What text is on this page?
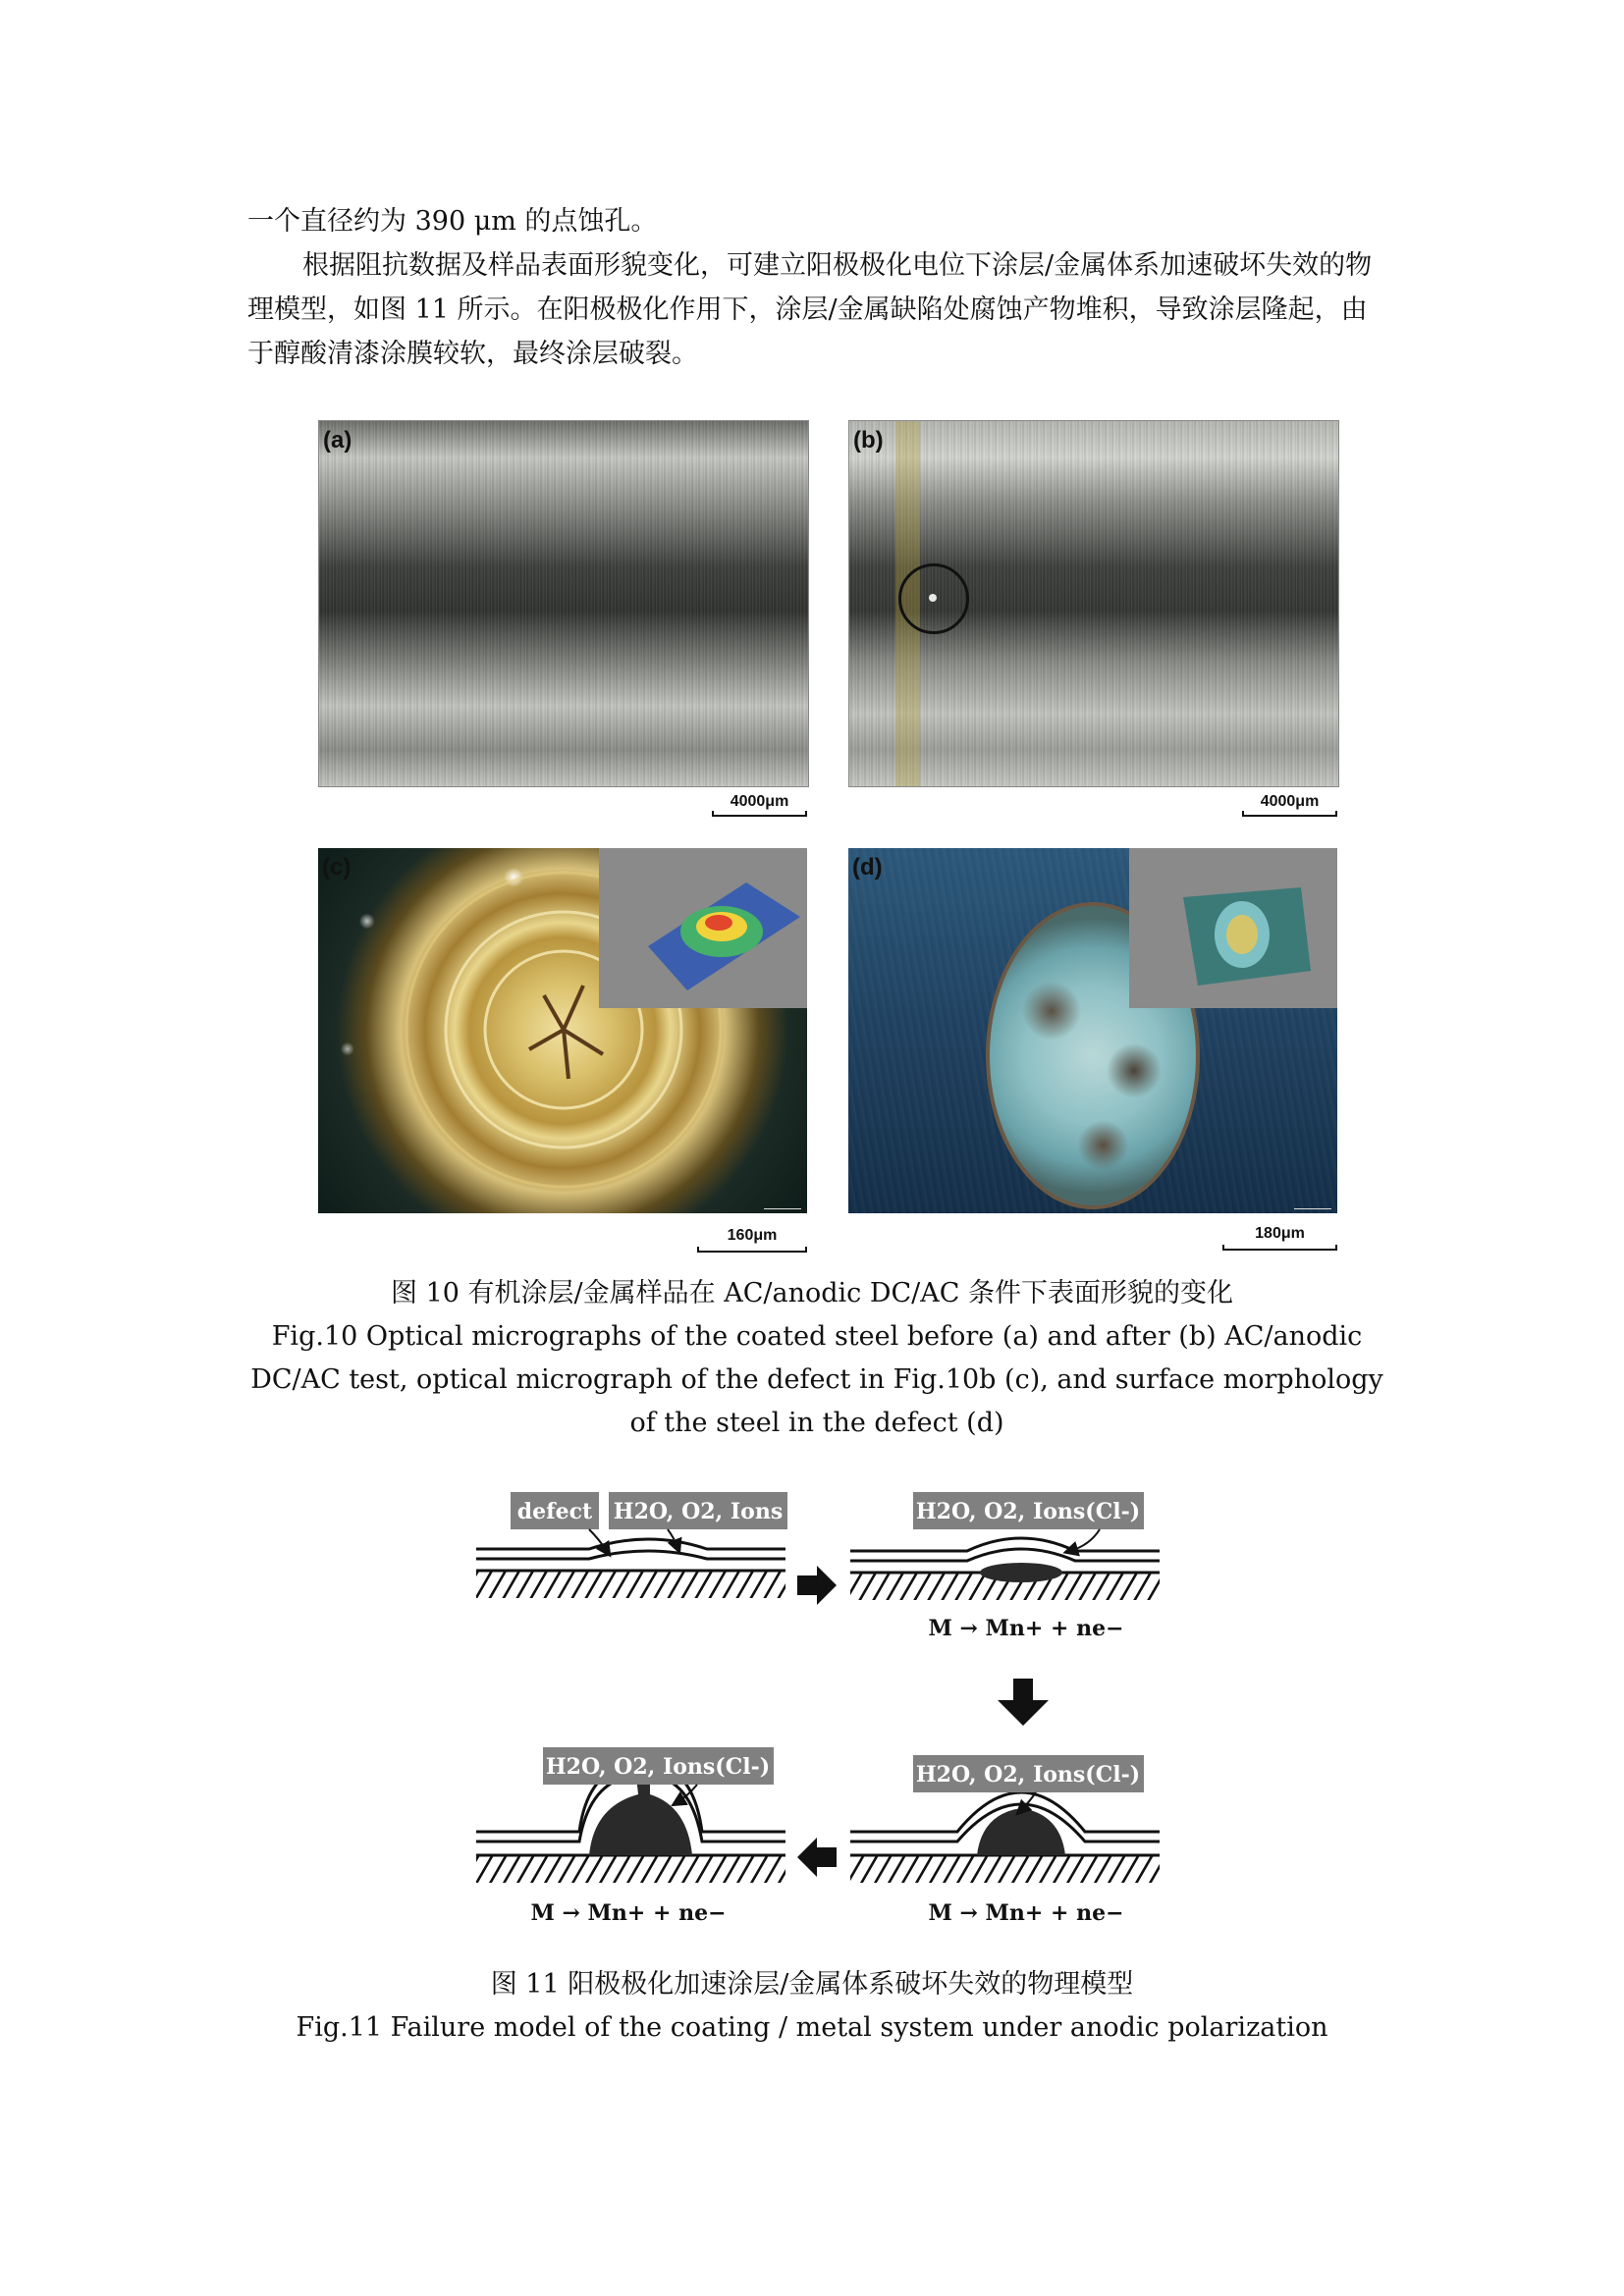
一个直径约为 390 μm 的点蚀孔。

根据阻抗数据及样品表面形貌变化，可建立阳极极化电位下涂层/金属体系加速破坏失效的物理模型，如图 11 所示。在阳极极化作用下，涂层/金属缺陷处腐蚀产物堆积，导致涂层隆起，由于醇酸清漆涂膜较软，最终涂层破裂。

(a)
4000μm
(b)
4000μm
(c)
160μm
(d)
180μm

图 10 有机涂层/金属样品在 AC/anodic DC/AC 条件下表面形貌的变化

Fig.10 Optical micrographs of the coated steel before (a) and after (b) AC/anodic DC/AC test, optical micrograph of the defect in Fig.10b (c), and surface morphology of the steel in the defect (d)

defect H2O, O2, Ions	H2O, O2, Ions(Cl-)
M → Mn+ + ne−
H2O, O2, Ions(Cl-)
M → Mn+ + ne−
H2O, O2, Ions(Cl-)
M → Mn+ + ne−

图 11 阳极极化加速涂层/金属体系破坏失效的物理模型

Fig.11 Failure model of the coating / metal system under anodic polarization
